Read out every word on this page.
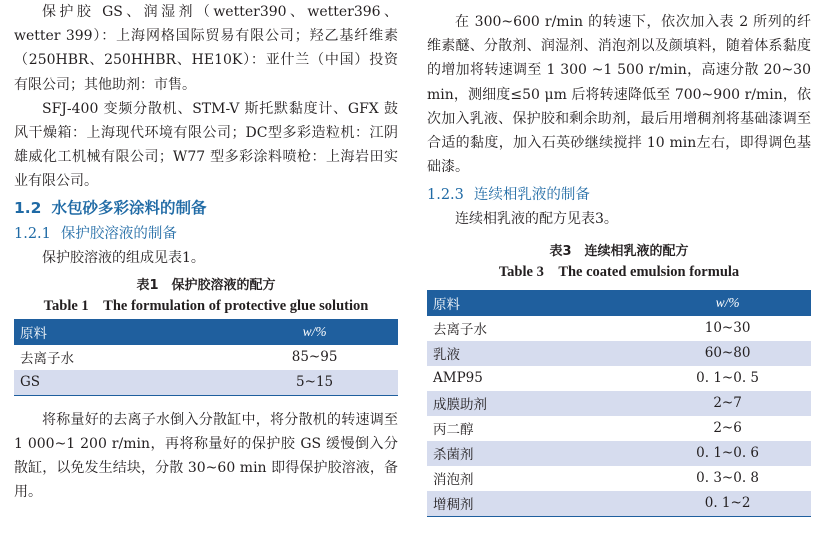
保护胶 GS、润湿剂（wetter390、wetter396、wetter 399）：上海网格国际贸易有限公司；羟乙基纤维素（250HBR、250HHBR、HE10K）：亚什兰（中国）投资有限公司；其他助剂：市售。

SFJ-400 变频分散机、STM-V 斯托默黏度计、GFX 鼓风干燥箱：上海现代环境有限公司；DC型多彩造粒机：江阴雄威化工机械有限公司；W77 型多彩涂料喷枪：上海岩田实业有限公司。

1.2 水包砂多彩涂料的制备
1.2.1 保护胶溶液的制备

保护胶溶液的组成见表1。

表1　保护胶溶液的配方
Table 1　The formulation of protective glue solution
原料	w/%
去离子水	85~95
GS	5~15

将称量好的去离子水倒入分散缸中，将分散机的转速调至 1 000~1 200 r/min，再将称量好的保护胶 GS 缓慢倒入分散缸，以免发生结块，分散 30~60 min 即得保护胶溶液，备用。

在 300~600 r/min 的转速下，依次加入表 2 所列的纤维素醚、分散剂、润湿剂、消泡剂以及颜填料，随着体系黏度的增加将转速调至 1 300 ~1 500 r/min，高速分散 20~30 min，测细度≤50 μm 后将转速降低至 700~900 r/min，依次加入乳液、保护胶和剩余助剂，最后用增稠剂将基础漆调至合适的黏度，加入石英砂继续搅拌 10 min左右，即得调色基础漆。

1.2.3 连续相乳液的制备

连续相乳液的配方见表3。

表3　连续相乳液的配方
Table 3　The coated emulsion formula
原料	w/%
去离子水	10~30
乳液	60~80
AMP95	0. 1~0. 5
成膜助剂	2~7
丙二醇	2~6
杀菌剂	0. 1~0. 6
消泡剂	0. 3~0. 8
增稠剂	0. 1~2
